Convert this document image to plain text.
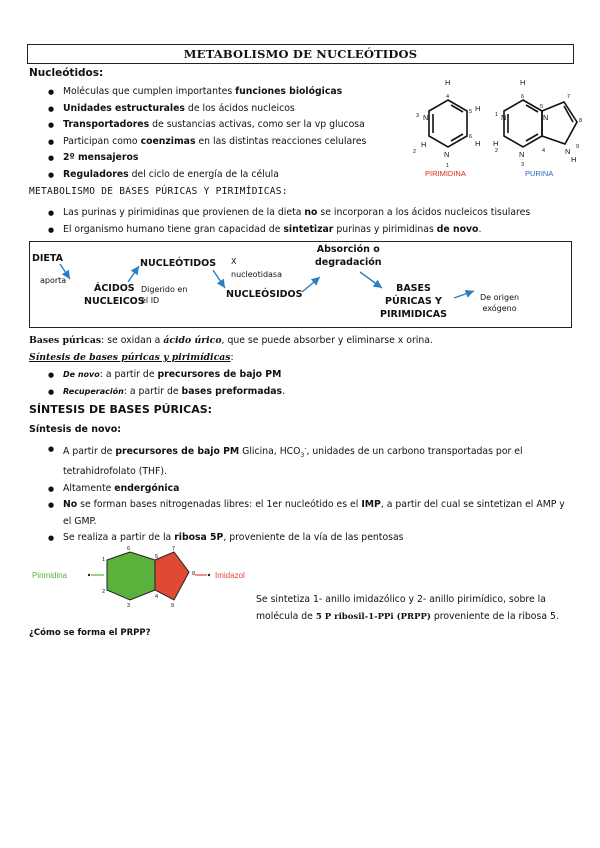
METABOLISMO DE NUCLEÓTIDOS
Nucleótidos:
● Moléculas que cumplen importantes funciones biológicas
● Unidades estructurales de los ácidos nucleicos
● Transportadores de sustancias activas, como ser la vp glucosa
● Participan como coenzimas en las distintas reacciones celulares
● 2º mensajeros
● Reguladores del ciclo de energía de la célula
H
4
3 N
5 H
2
H
N
1
6
H
PIRIMIDINA
H
6
5
7
1 N	N	8
H
2	N
3
4	N 9
H
PURINA
METABOLISMO DE BASES PÚRICAS Y PIRIMÍDICAS:
● Las purinas y pirimidinas que provienen de la dieta no se incorporan a los ácidos nucleicos tisulares
● El organismo humano tiene gran capacidad de sintetizar purinas y pirimidinas de novo.
DIETA
aporta
ÁCIDOS
NUCLEICOS
NUCLEÓTIDOS
Digerido en
el ID
X
nucleotidasa
NUCLEÓSIDOS
Absorción o
degradación
BASES
PÚRICAS Y
PIRIMIDICAS
De origen
exógeno
Bases púricas: se oxidan a ácido úrico, que se puede absorber y eliminarse x orina.
Síntesis de bases púricas y pirimídicas:
● De novo: a partir de precursores de bajo PM
● Recuperación: a partir de bases preformadas.
SÍNTESIS DE BASES PÚRICAS:
Síntesis de novo:
● A partir de precursores de bajo PM Glicina, $HCO_3^-$, unidades de un carbono transportadas por el
tetrahidrofolato (THF).
● Altamente endergónica
● No se forman bases nitrogenadas libres: el 1er nucleótido es el IMP, a partir del cual se sintetizan el AMP y
el GMP.
● Se realiza a partir de la ribosa 5P, proveniente de la vía de las pentosas
Pirimidina	Imidazol
6	7
1	5
8
2
4
9
3
Se sintetiza 1- anillo imidazólico y 2- anillo pirimídico, sobre la
molécula de 5 P ribosil-1-PPi (PRPP) proveniente de la ribosa 5.
¿Cómo se forma el PRPP?
